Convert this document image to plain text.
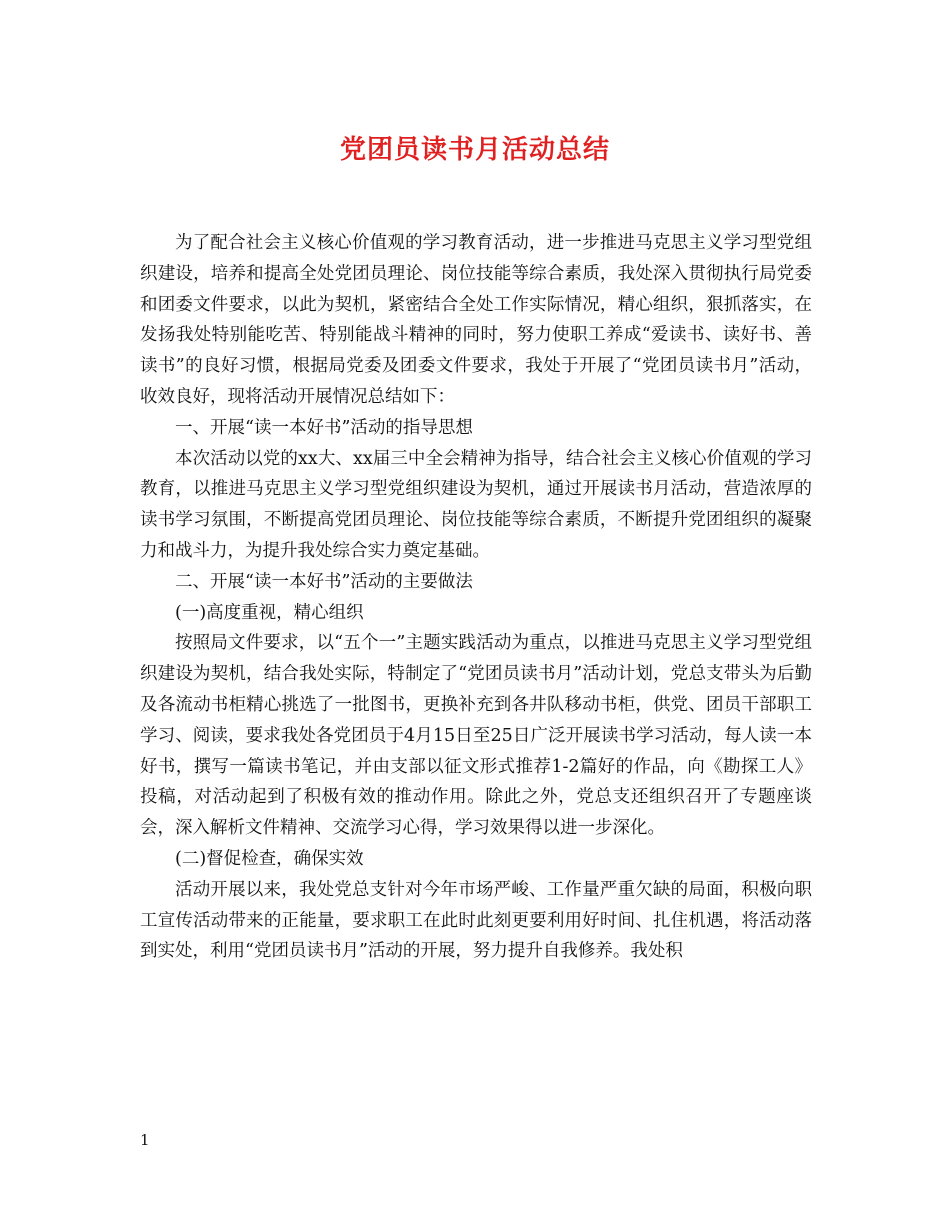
党团员读书月活动总结

为了配合社会主义核心价值观的学习教育活动，进一步推进马克思主义学习型党组织建设，培养和提高全处党团员理论、岗位技能等综合素质，我处深入贯彻执行局党委和团委文件要求，以此为契机，紧密结合全处工作实际情况，精心组织，狠抓落实，在发扬我处特别能吃苦、特别能战斗精神的同时，努力使职工养成“爱读书、读好书、善读书”的良好习惯，根据局党委及团委文件要求，我处于开展了“党团员读书月”活动，收效良好，现将活动开展情况总结如下：

一、开展“读一本好书”活动的指导思想

本次活动以党的xx大、xx届三中全会精神为指导，结合社会主义核心价值观的学习教育，以推进马克思主义学习型党组织建设为契机，通过开展读书月活动，营造浓厚的读书学习氛围，不断提高党团员理论、岗位技能等综合素质，不断提升党团组织的凝聚力和战斗力，为提升我处综合实力奠定基础。

二、开展“读一本好书”活动的主要做法

(一)高度重视，精心组织

按照局文件要求，以“五个一”主题实践活动为重点，以推进马克思主义学习型党组织建设为契机，结合我处实际，特制定了“党团员读书月”活动计划，党总支带头为后勤及各流动书柜精心挑选了一批图书，更换补充到各井队移动书柜，供党、团员干部职工学习、阅读，要求我处各党团员于4月15日至25日广泛开展读书学习活动，每人读一本好书，撰写一篇读书笔记，并由支部以征文形式推荐1-2篇好的作品，向《勘探工人》投稿，对活动起到了积极有效的推动作用。除此之外，党总支还组织召开了专题座谈会，深入解析文件精神、交流学习心得，学习效果得以进一步深化。

(二)督促检查，确保实效

活动开展以来，我处党总支针对今年市场严峻、工作量严重欠缺的局面，积极向职工宣传活动带来的正能量，要求职工在此时此刻更要利用好时间、扎住机遇，将活动落到实处，利用“党团员读书月”活动的开展，努力提升自我修养。我处积

1
